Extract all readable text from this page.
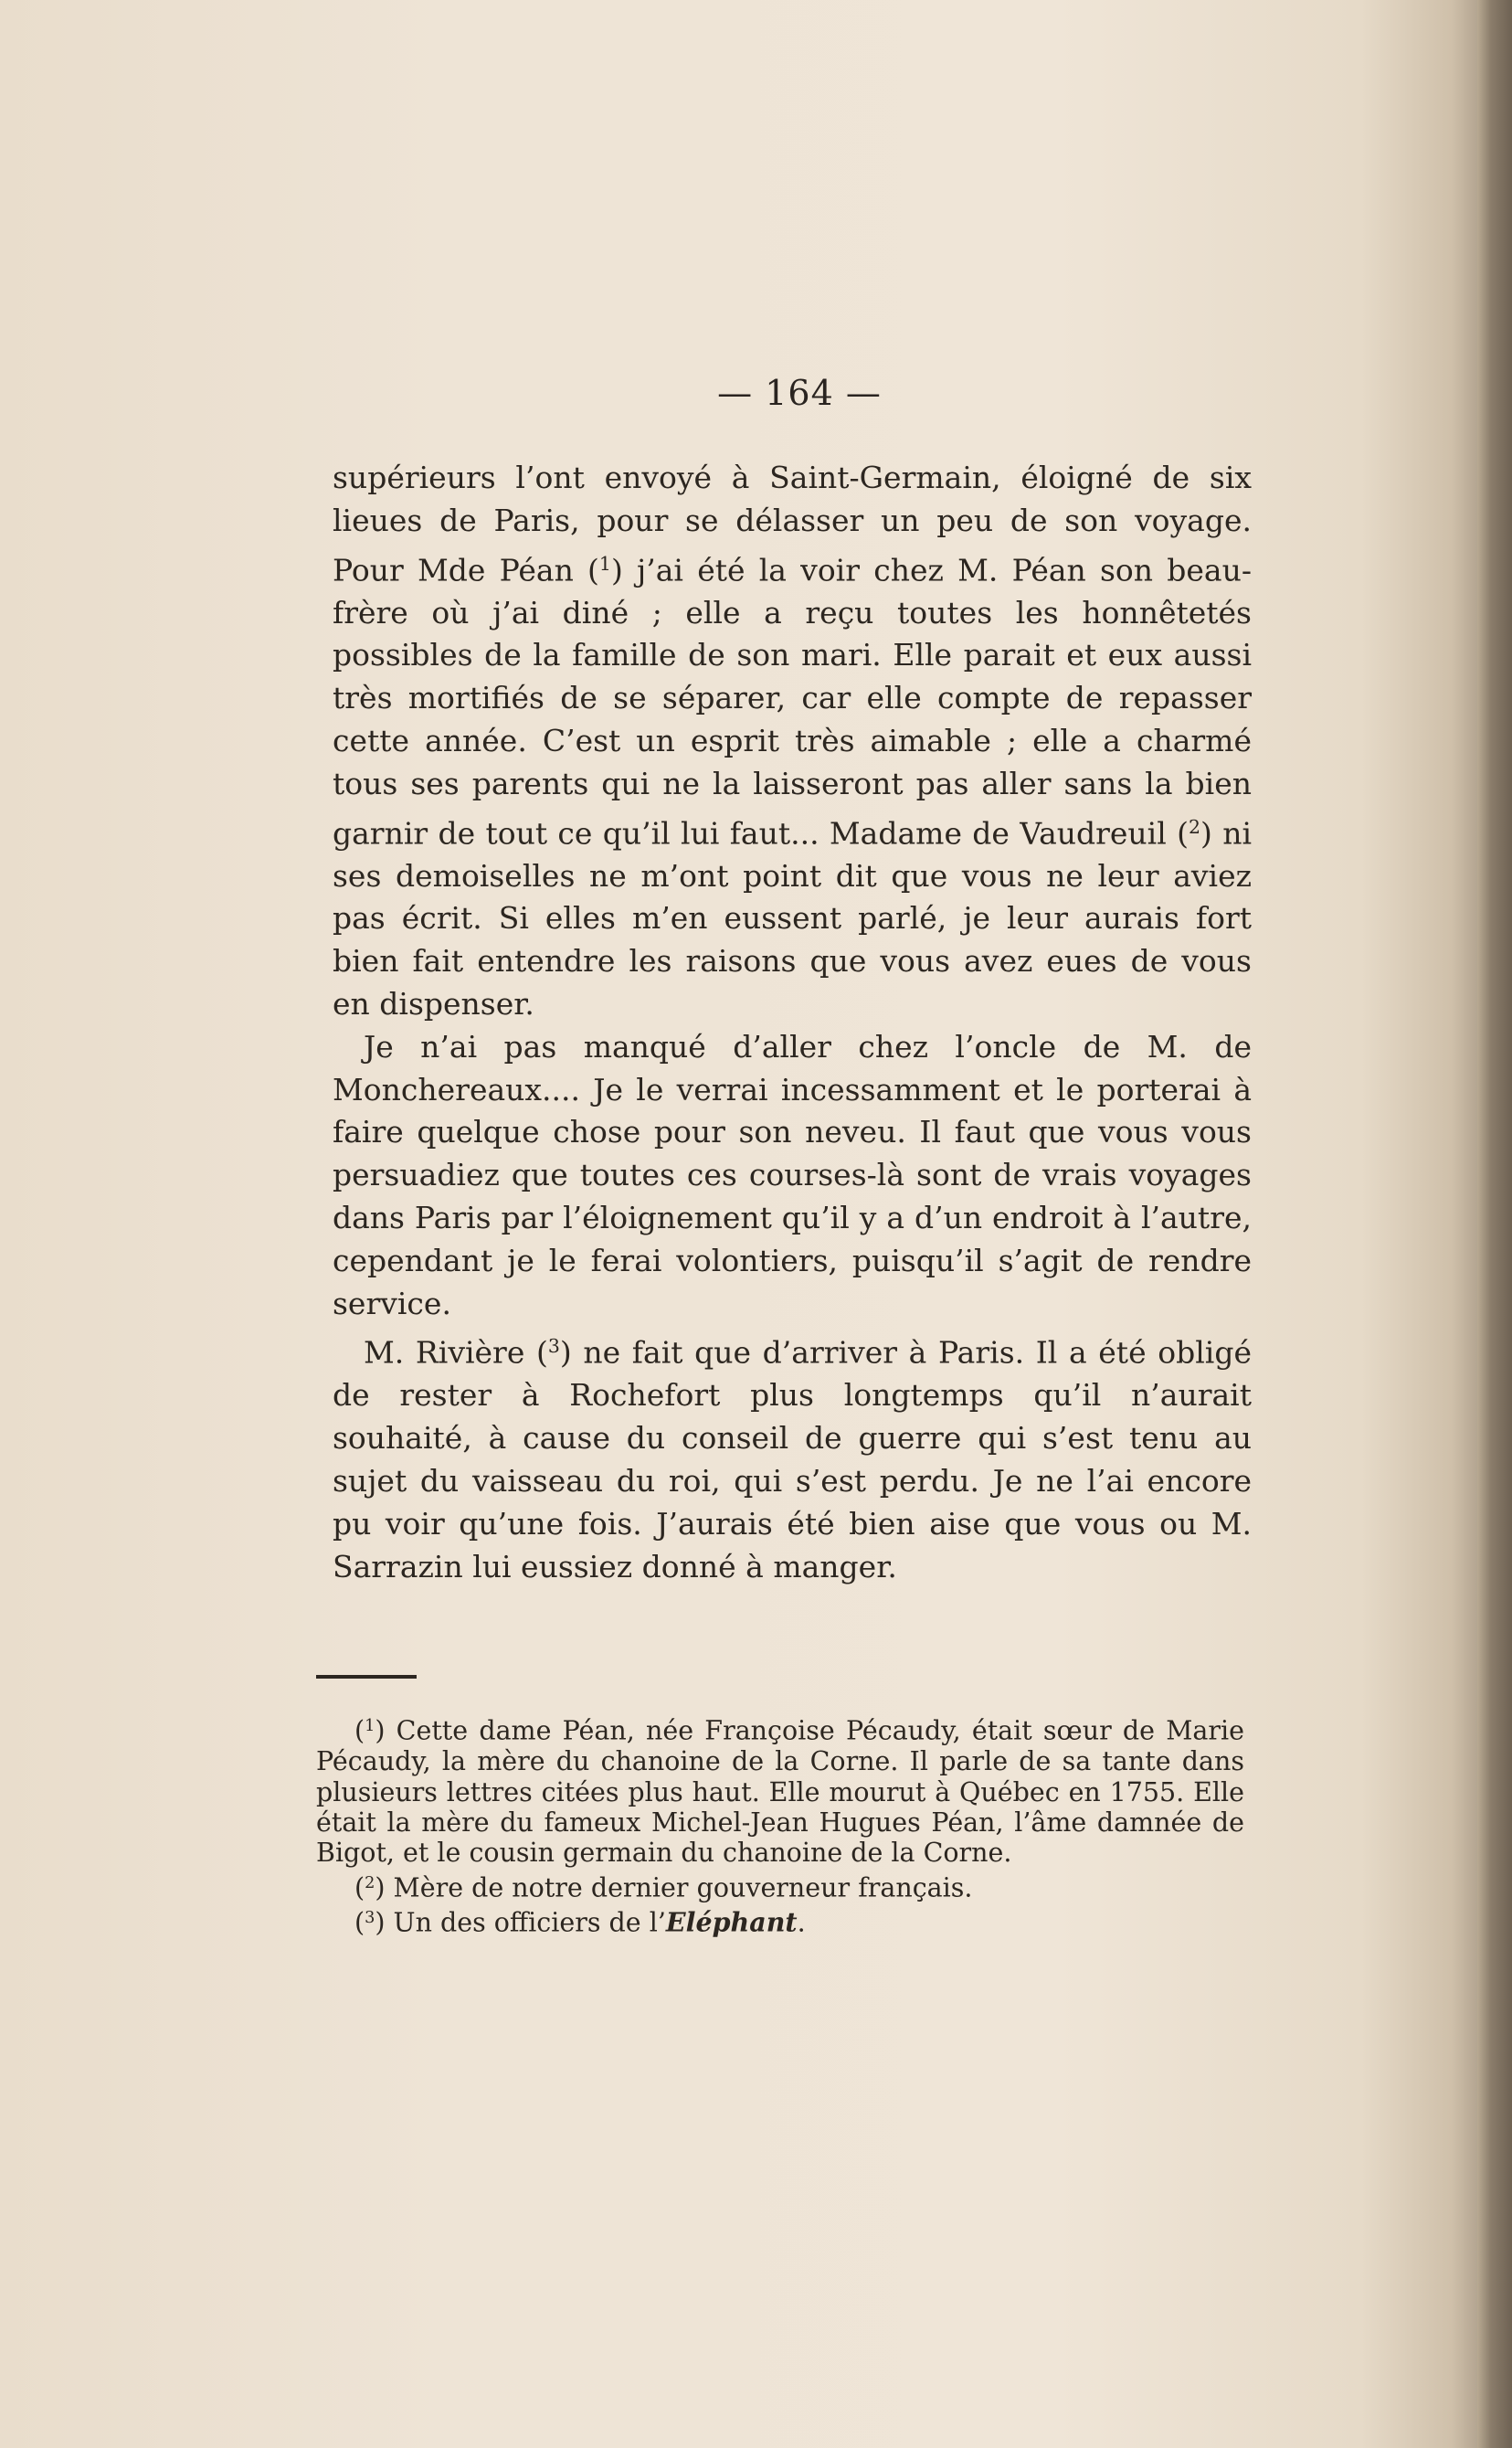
— 164 —

supérieurs l’ont envoyé à Saint-Germain, éloigné de six lieues de Paris, pour se délasser un peu de son voyage. Pour Mde Péan ($^1$) j’ai été la voir chez M. Péan son beau-frère où j’ai diné ; elle a reçu toutes les honnêtetés possibles de la famille de son mari. Elle parait et eux aussi très mortifiés de se séparer, car elle compte de repasser cette année. C’est un esprit très aimable ; elle a charmé tous ses parents qui ne la laisseront pas aller sans la bien garnir de tout ce qu’il lui faut... Madame de Vaudreuil ($^2$) ni ses demoiselles ne m’ont point dit que vous ne leur aviez pas écrit. Si elles m’en eussent parlé, je leur aurais fort bien fait entendre les raisons que vous avez eues de vous en dispenser.

Je n’ai pas manqué d’aller chez l’oncle de M. de Monchereaux.... Je le verrai incessamment et le porterai à faire quelque chose pour son neveu. Il faut que vous vous persuadiez que toutes ces courses-là sont de vrais voyages dans Paris par l’éloignement qu’il y a d’un endroit à l’autre, cependant je le ferai volontiers, puisqu’il s’agit de rendre service.

M. Rivière ($^3$) ne fait que d’arriver à Paris. Il a été obligé de rester à Rochefort plus longtemps qu’il n’aurait souhaité, à cause du conseil de guerre qui s’est tenu au sujet du vaisseau du roi, qui s’est perdu. Je ne l’ai encore pu voir qu’une fois. J’aurais été bien aise que vous ou M. Sarrazin lui eussiez donné à manger.

($^1$) Cette dame Péan, née Françoise Pécaudy, était sœur de Marie Pécaudy, la mère du chanoine de la Corne. Il parle de sa tante dans plusieurs lettres citées plus haut. Elle mourut à Québec en 1755. Elle était la mère du fameux Michel-Jean Hugues Péan, l’âme damnée de Bigot, et le cousin germain du chanoine de la Corne.

($^2$) Mère de notre dernier gouverneur français.

($^3$) Un des officiers de l’Eléphant.
